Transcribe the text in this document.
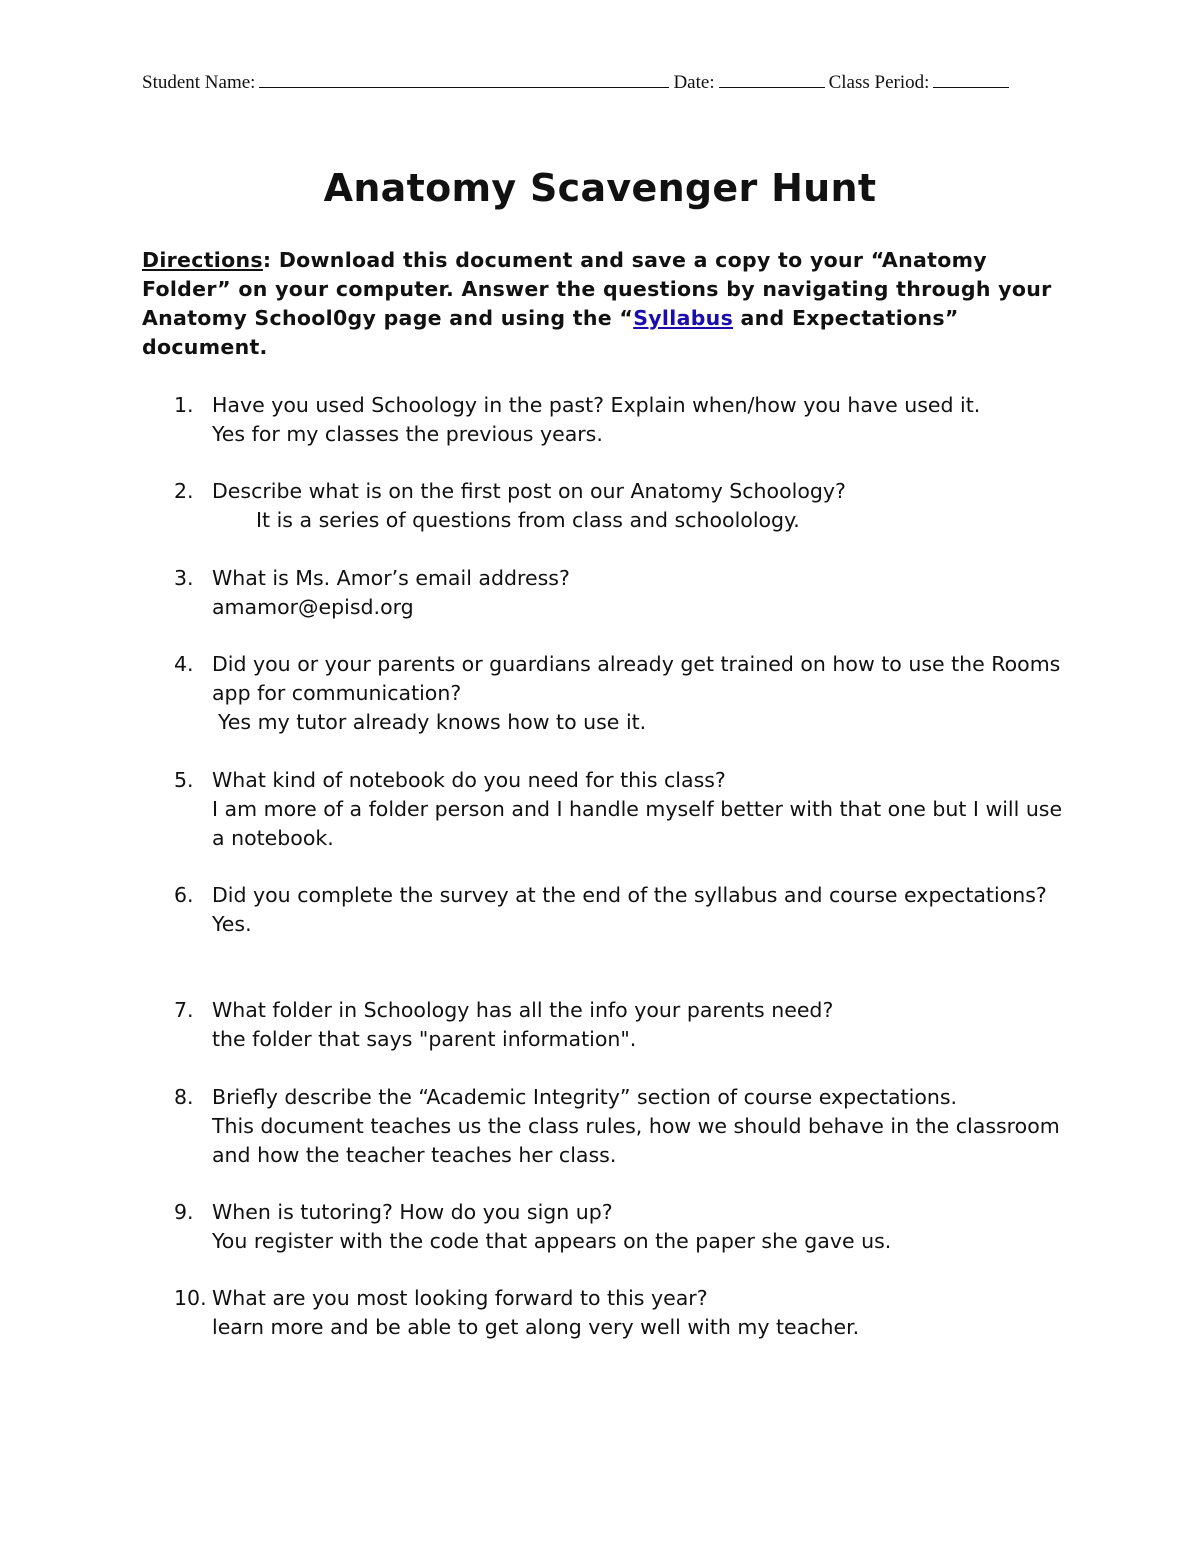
Student Name:	Date:	Class Period:
Anatomy Scavenger Hunt
Directions: Download this document and save a copy to your “Anatomy Folder” on your computer. Answer the questions by navigating through your Anatomy School0gy page and using the “Syllabus and Expectations” document.
1. Have you used Schoology in the past? Explain when/how you have used it.
Yes for my classes the previous years.
2. Describe what is on the first post on our Anatomy Schoology?
It is a series of questions from class and schoolology.
3. What is Ms. Amor’s email address?
amamor@episd.org
4. Did you or your parents or guardians already get trained on how to use the Rooms app for communication?
Yes my tutor already knows how to use it.
5. What kind of notebook do you need for this class?
I am more of a folder person and I handle myself better with that one but I will use a notebook.
6. Did you complete the survey at the end of the syllabus and course expectations?
Yes.
7. What folder in Schoology has all the info your parents need?
the folder that says "parent information".
8. Briefly describe the “Academic Integrity” section of course expectations.
This document teaches us the class rules, how we should behave in the classroom and how the teacher teaches her class.
9. When is tutoring? How do you sign up?
You register with the code that appears on the paper she gave us.
10. What are you most looking forward to this year?
learn more and be able to get along very well with my teacher.
